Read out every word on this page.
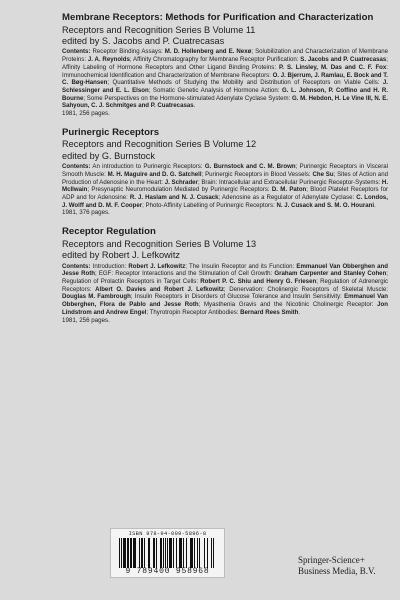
Membrane Receptors: Methods for Purification and Characterization

Receptors and Recognition Series B Volume 11
edited by S. Jacobs and P. Cuatrecasas
Contents: Receptor Binding Assays: M. D. Hollenberg and E. Nexø; Solubilization and Characterization of Membrane Proteins: J. A. Reynolds; Affinity Chromatography for Membrane Receptor Purification: S. Jacobs and P. Cuatrecasas; Affinity Labeling of Hormone Receptors and Other Ligand Binding Proteins: P. S. Linsley, M. Das and C. F. Fox: Immunochemical Identification and Characterization of Membrane Receptors: O. J. Bjerrum, J. Ramlau, E. Bock and T. C. Bøg-Hansen; Quantitative Methods of Studying the Mobility and Distribution of Receptors on Viable Cells: J. Schlessinger and E. L. Elson; Somatic Genetic Analysis of Hormone Action: G. L. Johnson, P. Coffino and H. R. Bourne; Some Perspectives on the Hormone-stimulated Adenylate Cyclase System: G. M. Hebdon, H. Le Vine III, N. E. Sahyoun, C. J. Schmitges and P. Cuatrecasas.
1981, 256 pages.

Purinergic Receptors

Receptors and Recognition Series B Volume 12
edited by G. Burnstock
Contents: An introduction to Purinergic Receptors: G. Burnstock and C. M. Brown; Purinergic Receptors in Visceral Smooth Muscle: M. H. Maguire and D. G. Satchell; Purinergic Receptors in Blood Vessels: Che Su; Sites of Action and Production of Adenosine in the Heart: J. Schrader; Brain: Intracellular and Extracellular Purinergic Receptor-Systems: H. McIlwain; Presynaptic Neuromodulation Mediated by Purinergic Receptors: D. M. Paton; Blood Platelet Receptors for ADP and for Adenosine: R. J. Haslam and N. J. Cusack; Adenosine as a Regulator of Adenylate Cyclase: C. Londos, J. Wolff and D. M. F. Cooper; Photo-Affinity Labelling of Purinergic Receptors: N. J. Cusack and S. M. O. Hourani.
1981, 376 pages.

Receptor Regulation

Receptors and Recognition Series B Volume 13
edited by Robert J. Lefkowitz
Contents: Introduction: Robert J. Lefkowitz; The Insulin Receptor and its Function: Emmanuel Van Obberghen and Jesse Roth; EGF: Receptor Interactions and the Stimulation of Cell Growth: Graham Carpenter and Stanley Cohen; Regulation of Prolactin Receptors in Target Cells: Robert P. C. Shiu and Henry G. Friesen; Regulation of Adrenergic Receptors: Albert O. Davies and Robert J. Lefkowitz; Denervation: Cholinergic Receptors of Skeletal Muscle: Douglas M. Fambrough; Insulin Receptors in Disorders of Glucose Tolerance and Insulin Sensitivity: Emmanuel Van Obberghen, Flora de Pablo and Jesse Roth; Myasthenia Gravis and the Nicotinic Cholinergic Receptor: Jon Lindstrom and Andrew Engel; Thyrotropin Receptor Antibodies: Bernard Rees Smith.
1981, 256 pages.
ISBN 978-94-009-5896-8
9 789400 958968
Springer-Science+
Business Media, B.V.
